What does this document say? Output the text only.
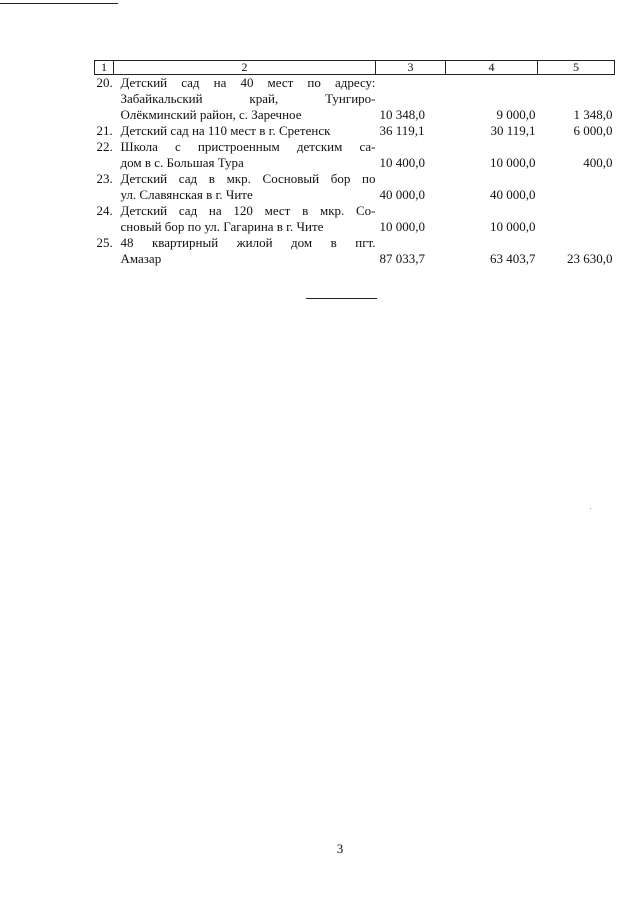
1	2	3	4	5

20. Детский сад на 40 мест по адресу:
Забайкальский край, Тунгиро-
Олёкминский район, с. Заречное		10 348,0	9 000,0	1 348,0

21. Детский сад на 110 мест в г. Сретенск		36 119,1	30 119,1	6 000,0

22. Школа с пристроенным детским са-
дом в с. Большая Тура		10 400,0	10 000,0	400,0

23. Детский сад в мкр. Сосновый бор по
ул. Славянская в г. Чите		40 000,0	40 000,0	

24. Детский сад на 120 мест в мкр. Со-
сновый бор по ул. Гагарина в г. Чите		10 000,0	10 000,0	

25. 48 квартирный жилой дом в пгт.
Амазар		87 033,7	63 403,7	23 630,0
3
